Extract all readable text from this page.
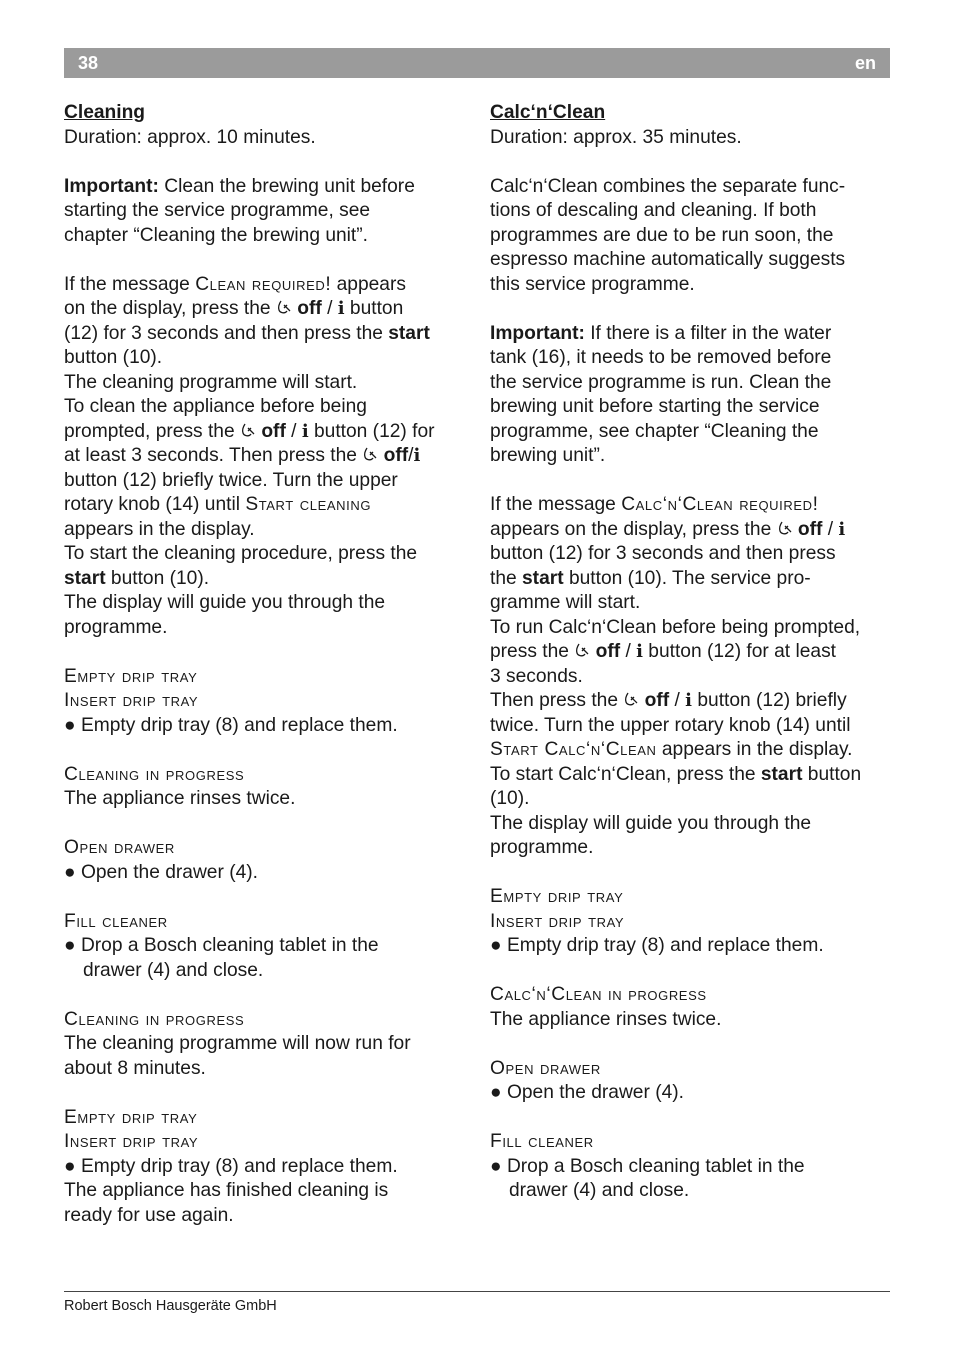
38	en

Cleaning

Duration: approx. 10 minutes.

Important: Clean the brewing unit before

starting the service programme, see

chapter “Cleaning the brewing unit”.

If the message Clean required! appears

on the display, press the  off / i button

(12) for 3 seconds and then press the start

button (10).

The cleaning programme will start.

To clean the appliance before being

prompted, press the  off / i button (12) for

at least 3 seconds. Then press the  off/i

button (12) briefly twice. Turn the upper

rotary knob (14) until Start cleaning

appears in the display.

To start the cleaning procedure, press the

start button (10).

The display will guide you through the

programme.

Empty drip tray

Insert drip tray

● Empty drip tray (8) and replace them.

Cleaning in progress

The appliance rinses twice.

Open drawer

● Open the drawer (4).

Fill cleaner

● Drop a Bosch cleaning tablet in the

drawer (4) and close.

Cleaning in progress

The cleaning programme will now run for

about 8 minutes.

Empty drip tray

Insert drip tray

● Empty drip tray (8) and replace them.

The appliance has finished cleaning is

ready for use again.

Calc‘n‘Clean

Duration: approx. 35 minutes.

Calc‘n‘Clean combines the separate func-

tions of descaling and cleaning. If both

programmes are due to be run soon, the

espresso machine automatically suggests

this service programme.

Important: If there is a filter in the water

tank (16), it needs to be removed before

the service programme is run. Clean the

brewing unit before starting the service

programme, see chapter “Cleaning the

brewing unit”.

If the message Calc‘n‘Clean required!

appears on the display, press the  off / i

button (12) for 3 seconds and then press

the start button (10). The service pro-

gramme will start.

To run Calc‘n‘Clean before being prompted,

press the  off / i button (12) for at least

3 seconds.

Then press the  off / i button (12) briefly

twice. Turn the upper rotary knob (14) until

Start Calc‘n‘Clean appears in the display.

To start Calc‘n‘Clean, press the start button

(10).

The display will guide you through the

programme.

Empty drip tray

Insert drip tray

● Empty drip tray (8) and replace them.

Calc‘n‘Clean in progress

The appliance rinses twice.

Open drawer

● Open the drawer (4).

Fill cleaner

● Drop a Bosch cleaning tablet in the

drawer (4) and close.

Robert Bosch Hausgeräte GmbH
